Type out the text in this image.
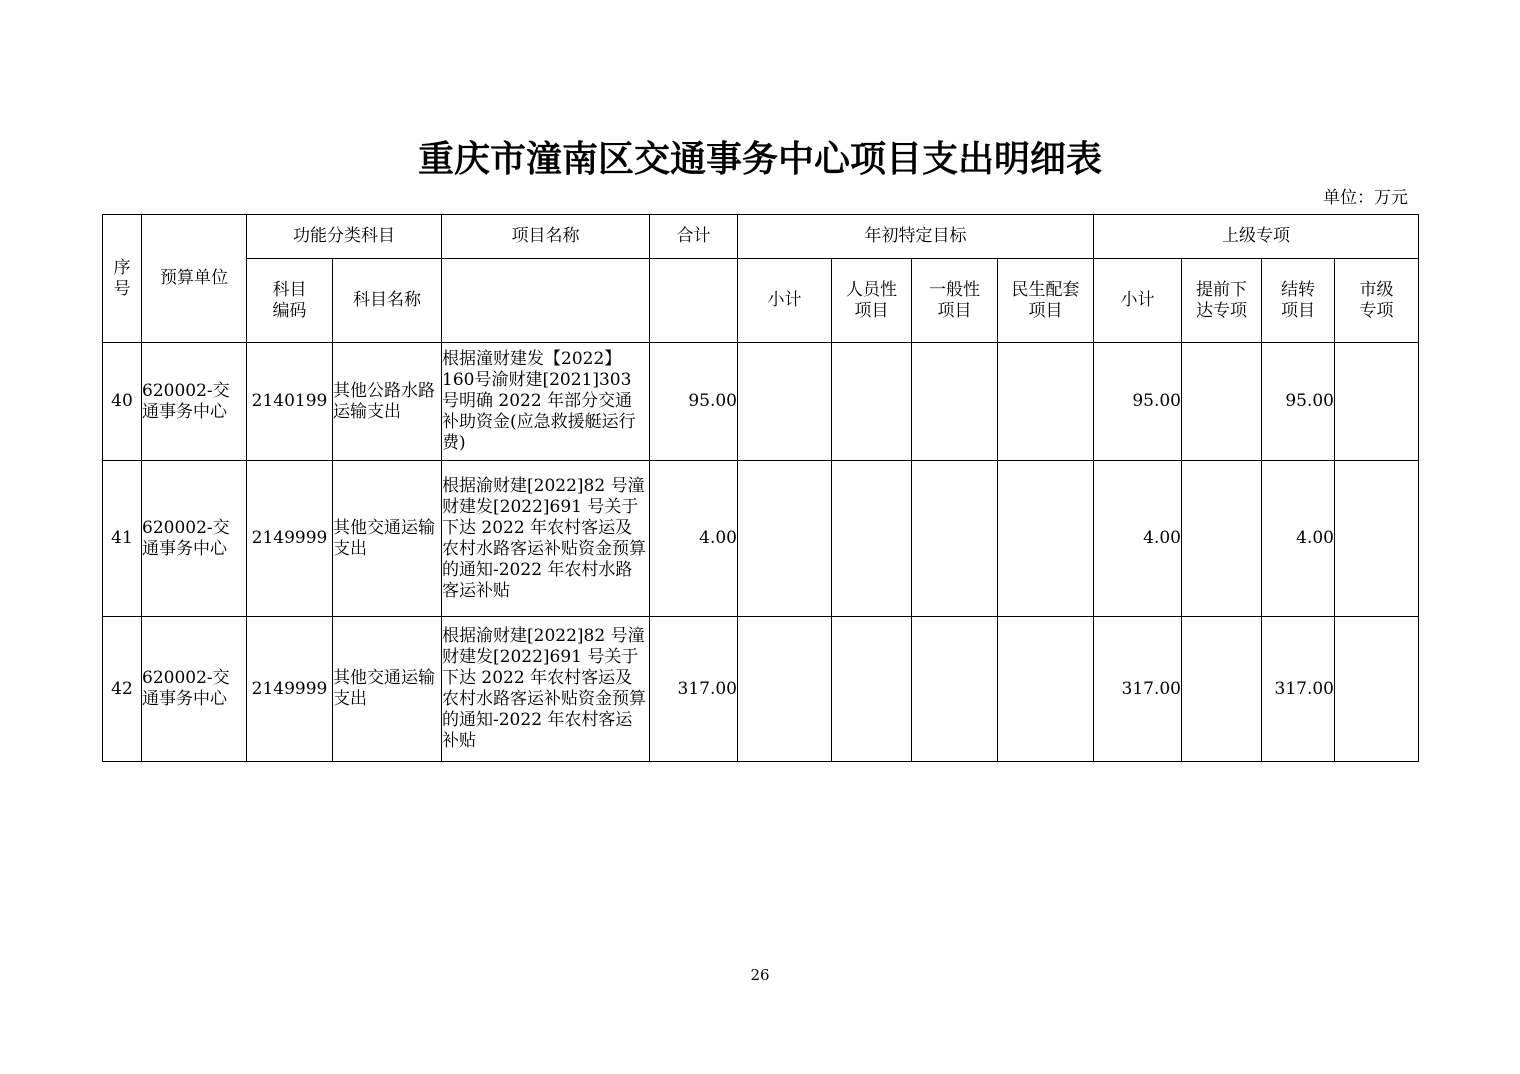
重庆市潼南区交通事务中心项目支出明细表
单位：万元
序号	预算单位	功能分类科目		项目名称	合计	年初特定目标				上级专项			
		科目编码	科目名称			小计	人员性项目	一般性项目	民生配套项目	小计	提前下达专项	结转项目	市级专项
40	620002-交通事务中心	2140199	其他公路水路运输支出	根据潼财建发【2022】160号渝财建[2021]303 号明确 2022 年部分交通补助资金(应急救援艇运行费)	95.00					95.00		95.00	
41	620002-交通事务中心	2149999	其他交通运输支出	根据渝财建[2022]82 号潼财建发[2022]691 号关于下达 2022 年农村客运及农村水路客运补贴资金预算的通知-2022 年农村水路客运补贴	4.00					4.00		4.00	
42	620002-交通事务中心	2149999	其他交通运输支出	根据渝财建[2022]82 号潼财建发[2022]691 号关于下达 2022 年农村客运及农村水路客运补贴资金预算的通知-2022 年农村客运补贴	317.00					317.00		317.00	
26
